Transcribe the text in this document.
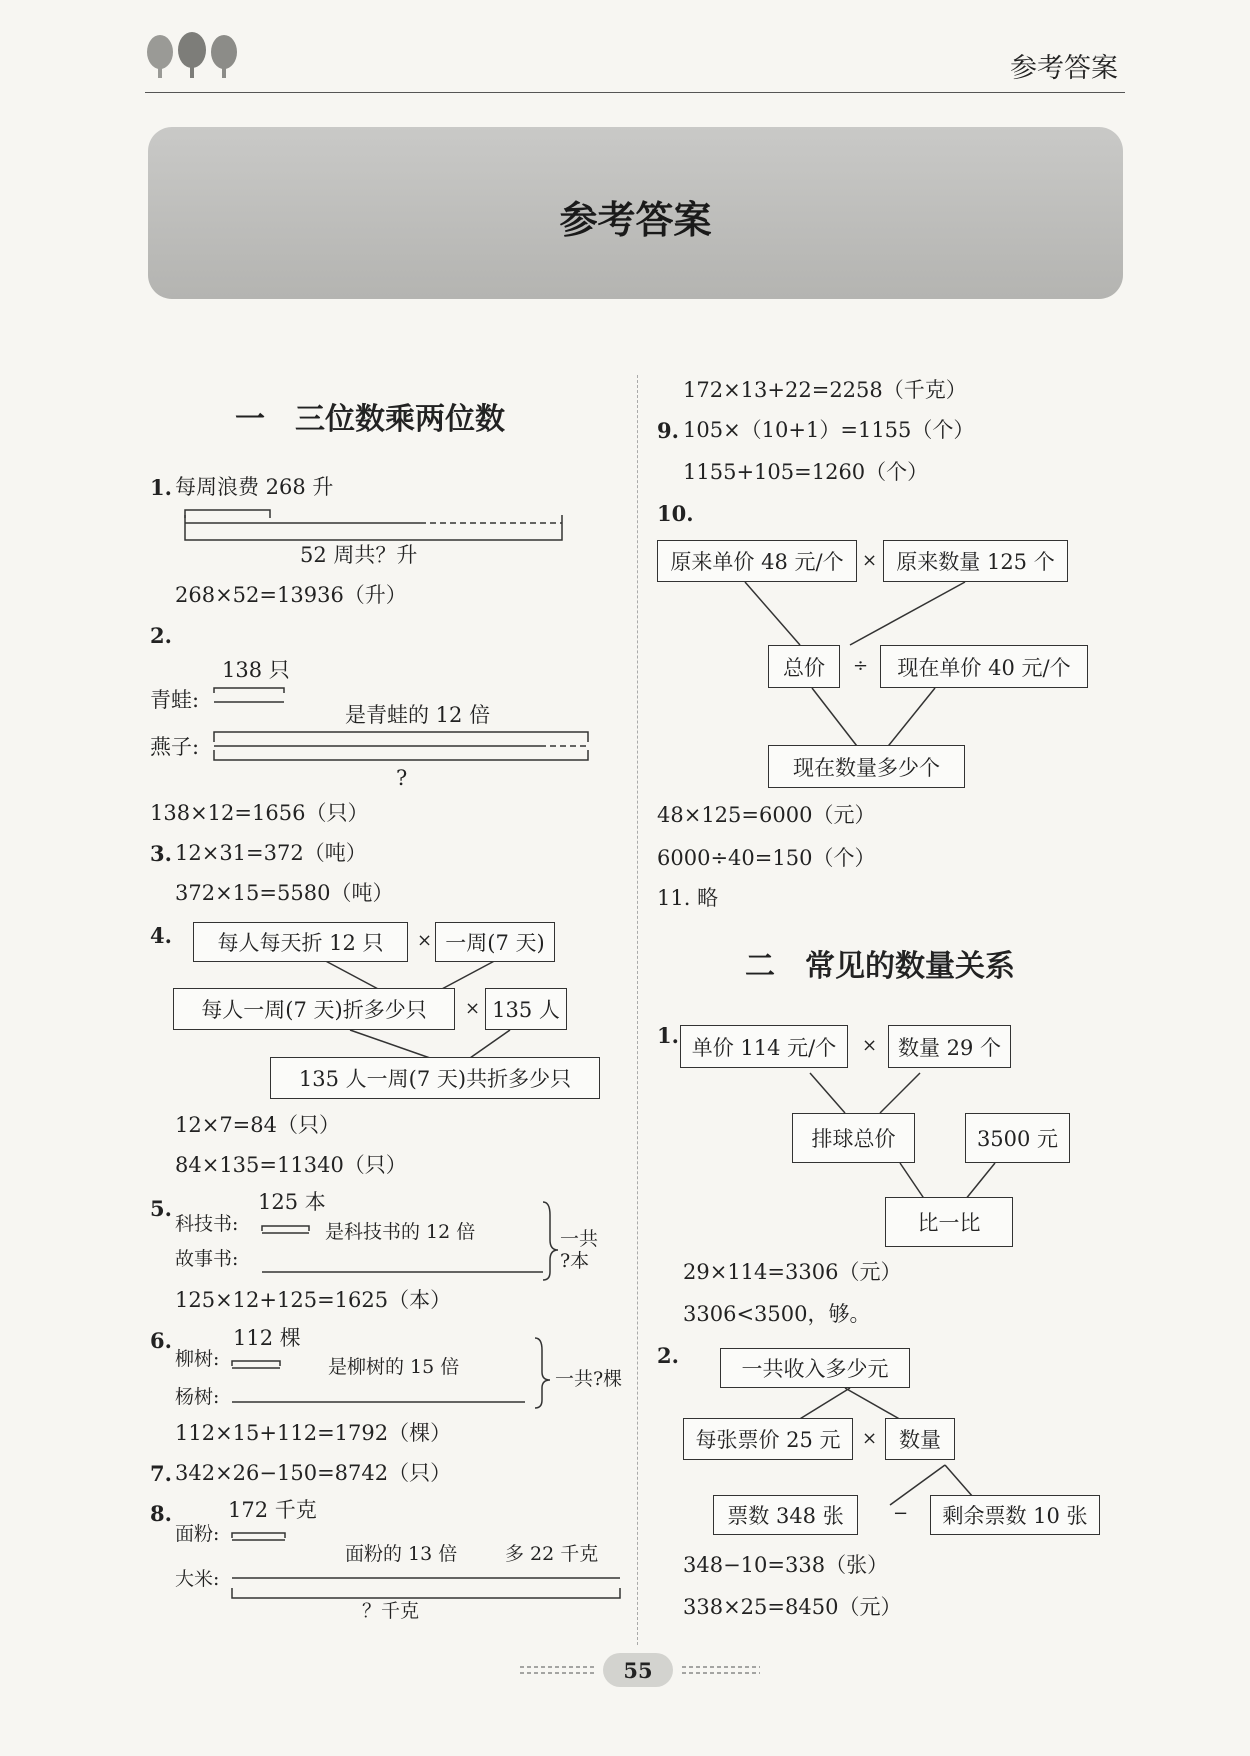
参考答案
参考答案
一　三位数乘两位数
1. 每周浪费 268 升
52 周共？升
268×52=13936（升）
2.
138 只
青蛙:
是青蛙的 12 倍
燕子:
?
138×12=1656（只）
3. 12×31=372（吨）
372×15=5580（吨）
4.	每人每天折 12 只	× 一周(7 天)
每人一周(7 天)折多少只	× 135 人
135 人一周(7 天)共折多少只
12×7=84（只）
84×135=11340（只）
5.	125 本
科技书:	是科技书的 12 倍
故事书:
一共
?本
125×12+125=1625（本）
6.	112 棵
柳树:	是柳树的 15 倍
杨树:
一共?棵
112×15+112=1792（棵）
7. 342×26−150=8742（只）
8.	172 千克
面粉:
面粉的 13 倍	多 22 千克
大米:
？千克
172×13+22=2258（千克）
9. 105×（10+1）=1155（个）
1155+105=1260（个）
10.
原来单价 48 元/个	× 原来数量 125 个
总价	÷	现在单价 40 元/个
现在数量多少个
48×125=6000（元）
6000÷40=150（个）
11. 略
二　常见的数量关系
1. 单价 114 元/个	× 数量 29 个
排球总价	3500 元
比一比
29×114=3306（元）
3306<3500，够。
2.
一共收入多少元
每张票价 25 元	×	数量
票数 348 张	−	剩余票数 10 张
348−10=338（张）
338×25=8450（元）
55
